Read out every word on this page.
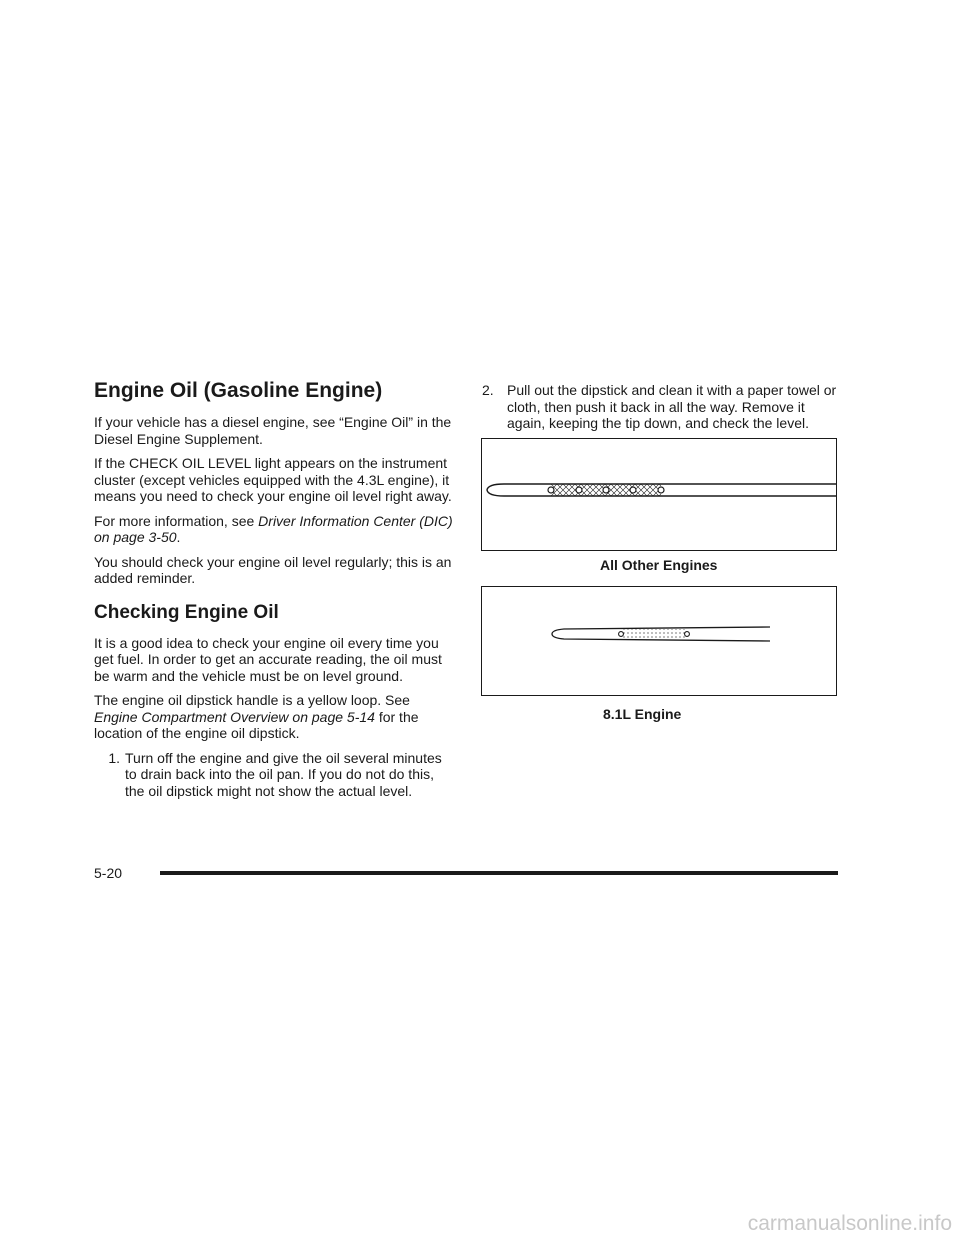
Engine Oil (Gasoline Engine)

If your vehicle has a diesel engine, see “Engine Oil” in the Diesel Engine Supplement.

If the CHECK OIL LEVEL light appears on the instrument cluster (except vehicles equipped with the 4.3L engine), it means you need to check your engine oil level right away.

For more information, see Driver Information Center (DIC) on page 3-50.

You should check your engine oil level regularly; this is an added reminder.

Checking Engine Oil

It is a good idea to check your engine oil every time you get fuel. In order to get an accurate reading, the oil must be warm and the vehicle must be on level ground.

The engine oil dipstick handle is a yellow loop. See Engine Compartment Overview on page 5-14 for the location of the engine oil dipstick.

1. Turn off the engine and give the oil several minutes to drain back into the oil pan. If you do not do this, the oil dipstick might not show the actual level.
2. Pull out the dipstick and clean it with a paper towel or cloth, then push it back in all the way. Remove it again, keeping the tip down, and check the level.
All Other Engines
8.1L Engine
5-20
carmanualsonline.info
